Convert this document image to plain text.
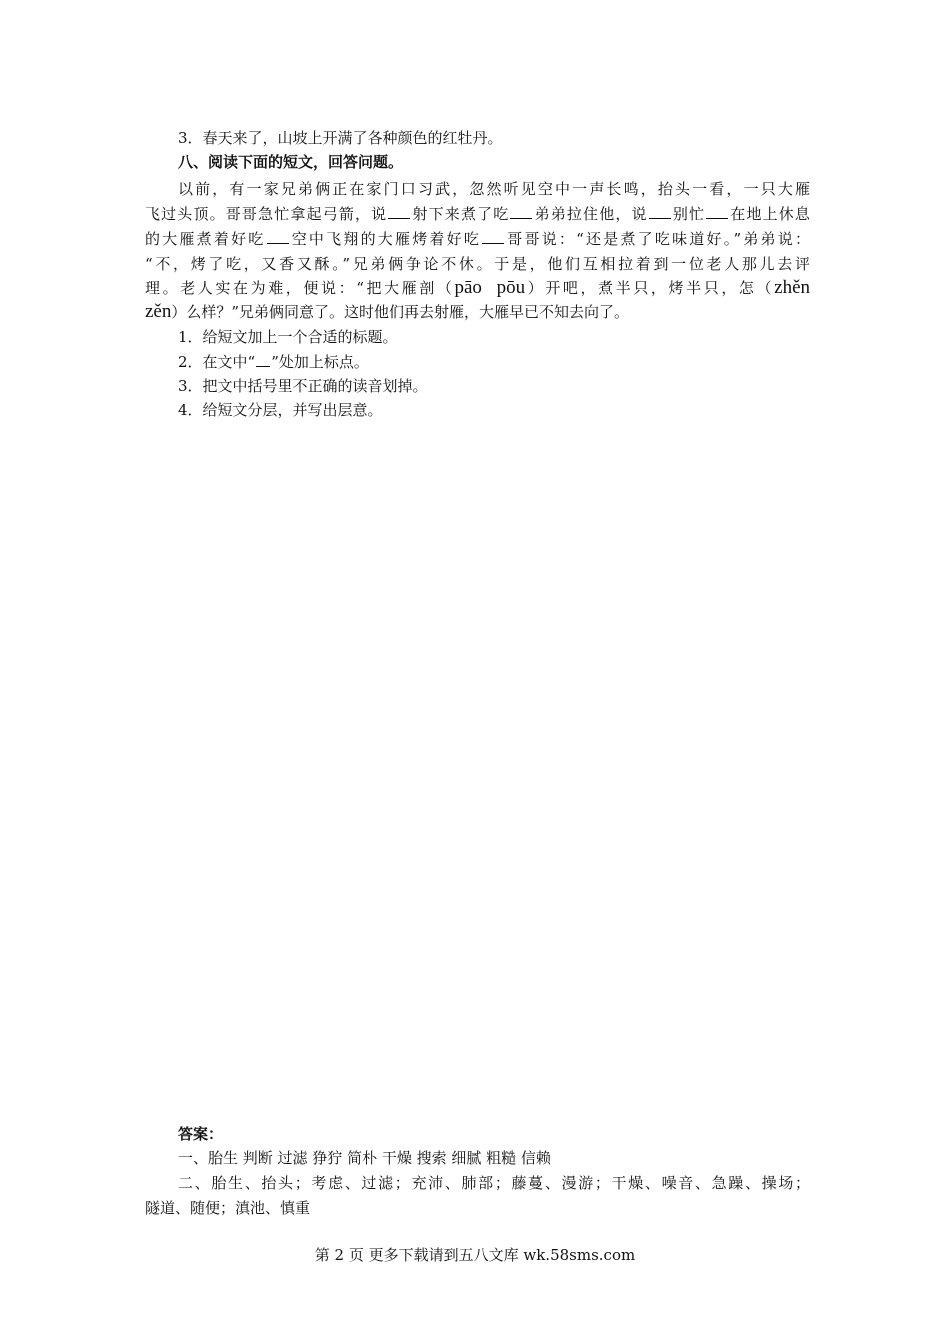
3．春天来了，山坡上开满了各种颜色的红牡丹。
八、阅读下面的短文，回答问题。
以前，有一家兄弟俩正在家门口习武，忽然听见空中一声长鸣，抬头一看，一只大雁
飞过头顶。哥哥急忙拿起弓箭，说 射下来煮了吃 弟弟拉住他，说 别忙 在地上休息
的大雁煮着好吃 空中飞翔的大雁烤着好吃 哥哥说：“还是煮了吃味道好。”弟弟说：
“不，烤了吃，又香又酥。”兄弟俩争论不休。于是，他们互相拉着到一位老人那儿去评
理。老人实在为难，便说：“把大雁剖（pāo pōu）开吧，煮半只，烤半只，怎（zhěn
zěn）么样？”兄弟俩同意了。这时他们再去射雁，大雁早已不知去向了。
1．给短文加上一个合适的标题。
2．在文中“ ”处加上标点。
3．把文中括号里不正确的读音划掉。
4．给短文分层，并写出层意。
答案：
一、胎生 判断 过滤 狰狞 简朴 干燥 搜索 细腻 粗糙 信赖
二、胎生、抬头；考虑、过滤；充沛、肺部；藤蔓、漫游；干燥、噪音、急躁、操场；
隧道、随便；滇池、慎重
第 2 页 更多下载请到五八文库 wk.58sms.com
